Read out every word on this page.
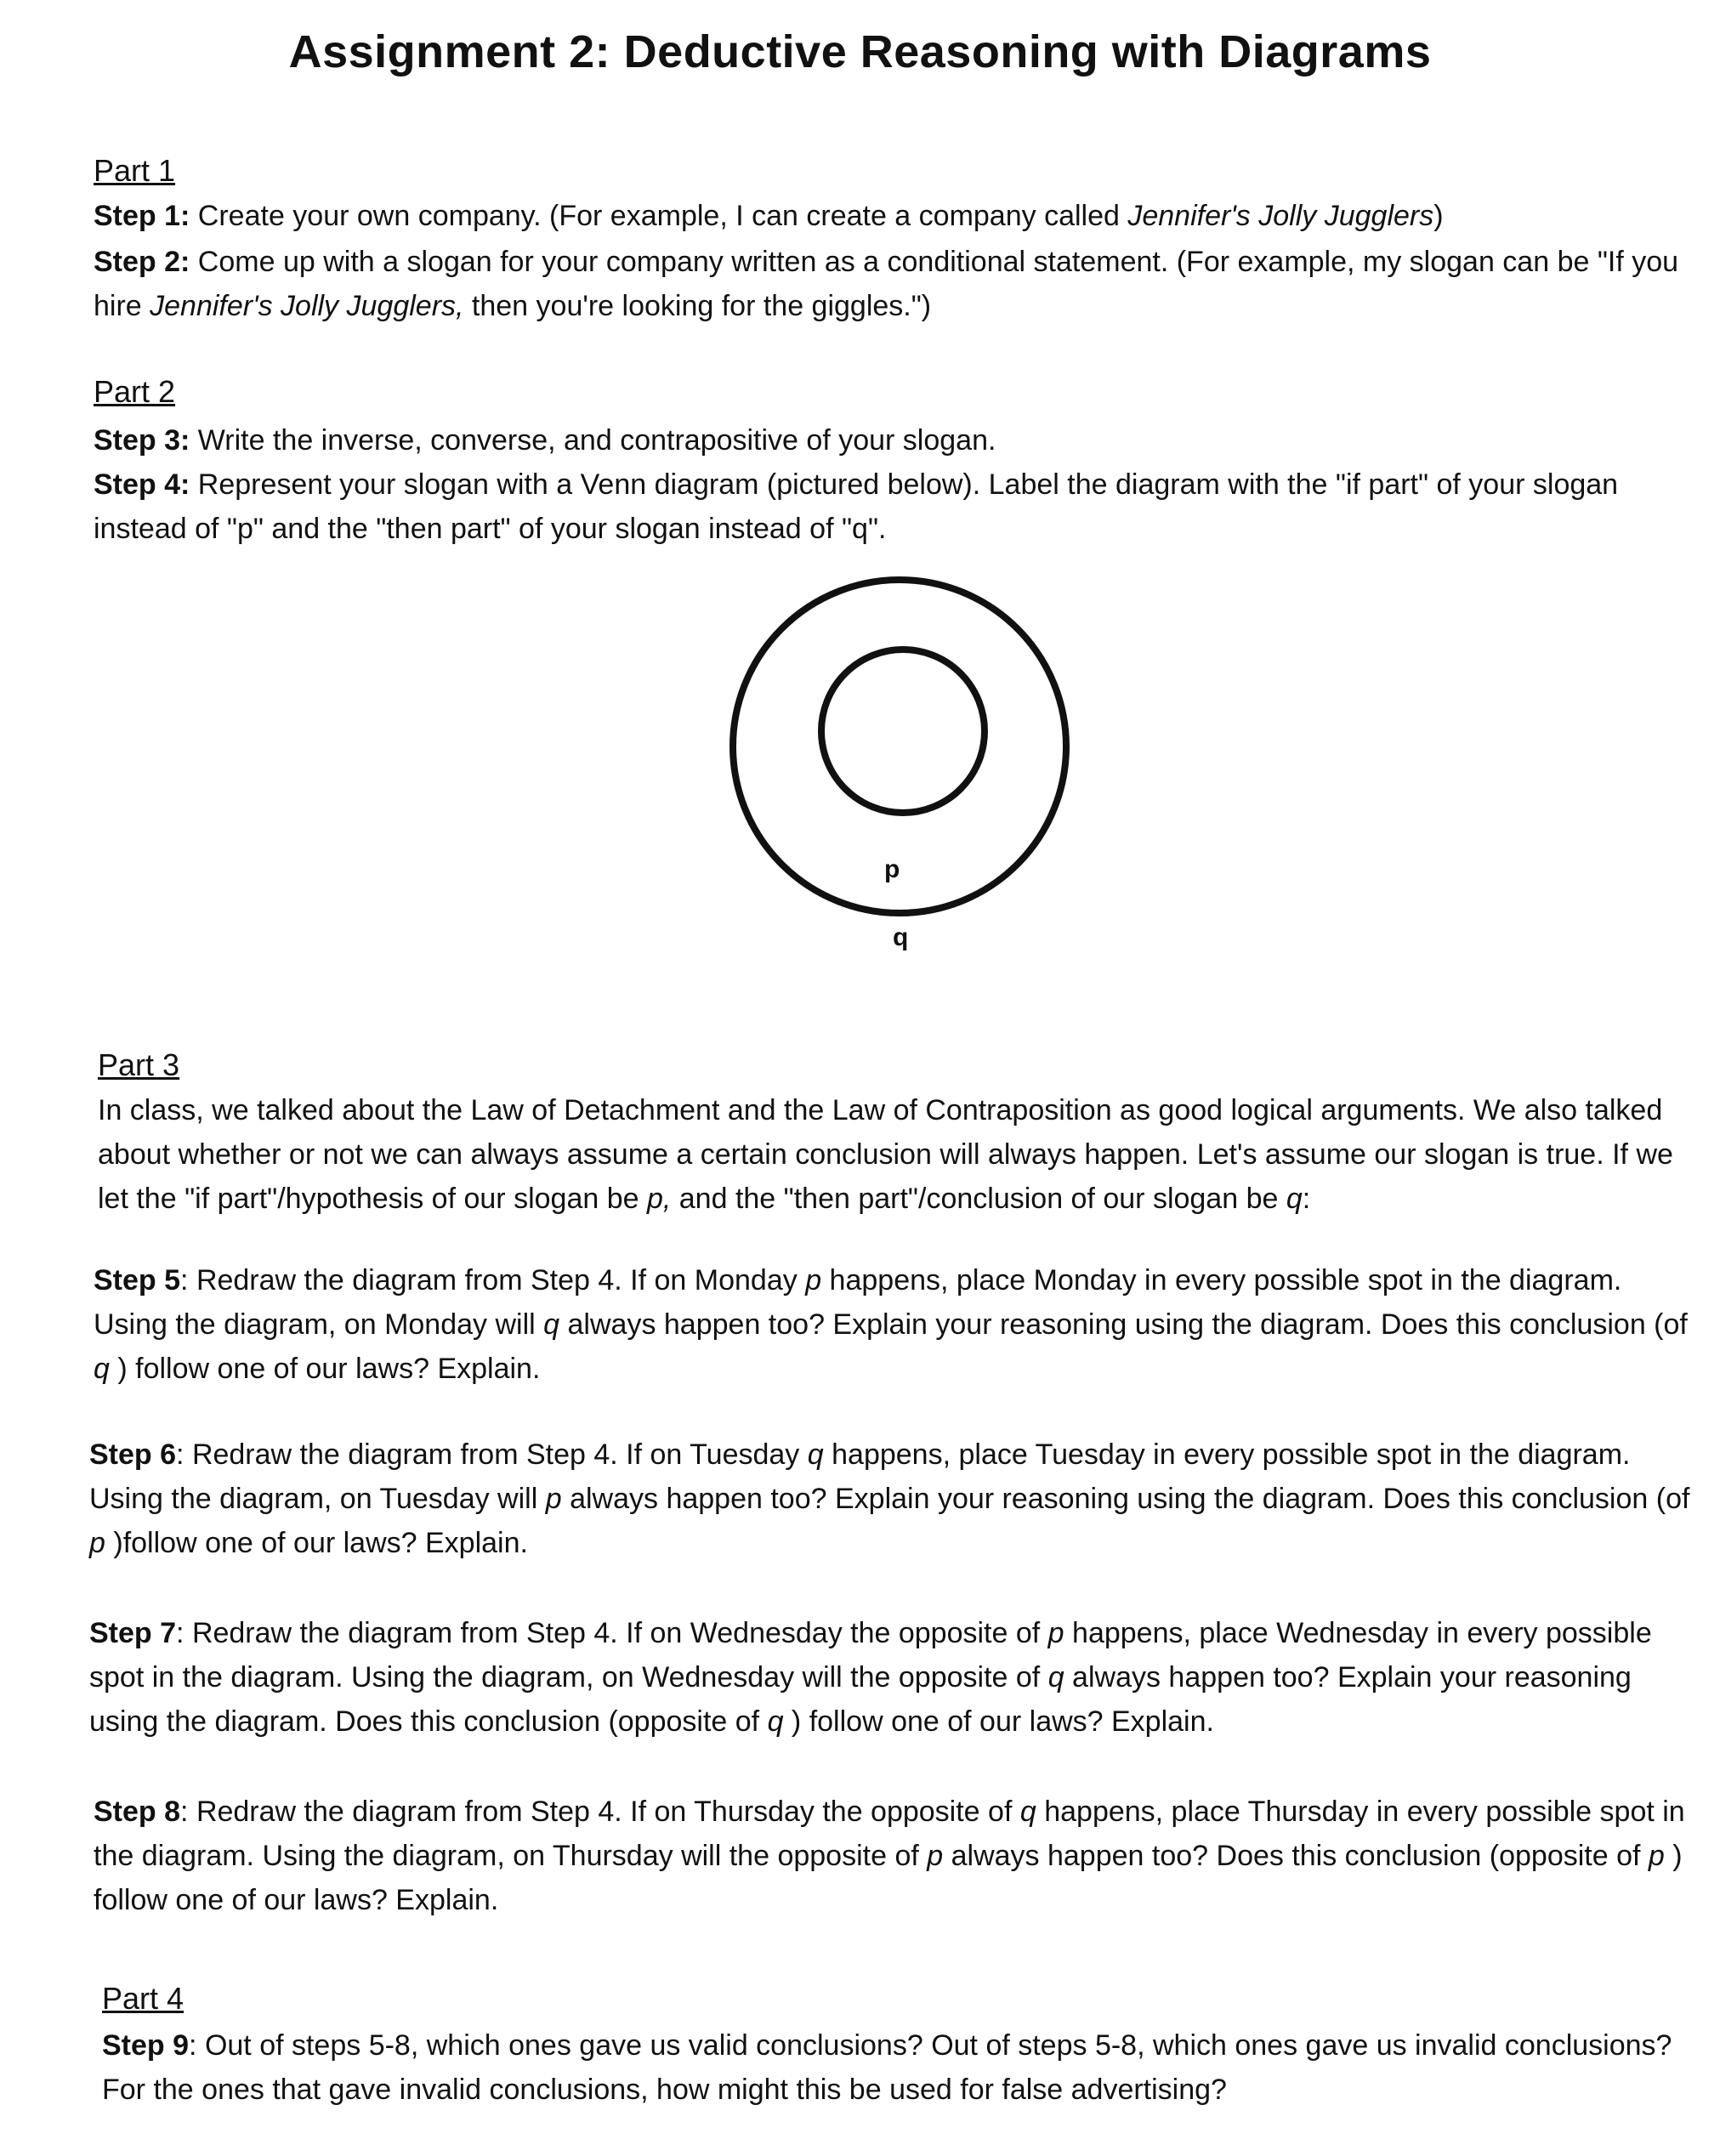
Assignment 2: Deductive Reasoning with Diagrams
Part 1
Step 1: Create your own company. (For example, I can create a company called Jennifer's Jolly Jugglers)
Step 2: Come up with a slogan for your company written as a conditional statement. (For example, my slogan can be "If you hire Jennifer's Jolly Jugglers, then you're looking for the giggles.")
Part 2
Step 3: Write the inverse, converse, and contrapositive of your slogan.
Step 4: Represent your slogan with a Venn diagram (pictured below). Label the diagram with the "if part" of your slogan instead of "p" and the "then part" of your slogan instead of "q".
p
q
Part 3
In class, we talked about the Law of Detachment and the Law of Contraposition as good logical arguments. We also talked about whether or not we can always assume a certain conclusion will always happen. Let's assume our slogan is true. If we let the "if part"/hypothesis of our slogan be p, and the "then part"/conclusion of our slogan be q:
Step 5: Redraw the diagram from Step 4. If on Monday p happens, place Monday in every possible spot in the diagram. Using the diagram, on Monday will q always happen too? Explain your reasoning using the diagram. Does this conclusion (of q ) follow one of our laws? Explain.
Step 6: Redraw the diagram from Step 4. If on Tuesday q happens, place Tuesday in every possible spot in the diagram. Using the diagram, on Tuesday will p always happen too? Explain your reasoning using the diagram. Does this conclusion (of p )follow one of our laws? Explain.
Step 7: Redraw the diagram from Step 4. If on Wednesday the opposite of p happens, place Wednesday in every possible spot in the diagram. Using the diagram, on Wednesday will the opposite of q always happen too? Explain your reasoning using the diagram. Does this conclusion (opposite of q ) follow one of our laws? Explain.
Step 8: Redraw the diagram from Step 4. If on Thursday the opposite of q happens, place Thursday in every possible spot in the diagram. Using the diagram, on Thursday will the opposite of p always happen too? Does this conclusion (opposite of p ) follow one of our laws? Explain.
Part 4
Step 9: Out of steps 5-8, which ones gave us valid conclusions? Out of steps 5-8, which ones gave us invalid conclusions? For the ones that gave invalid conclusions, how might this be used for false advertising?
